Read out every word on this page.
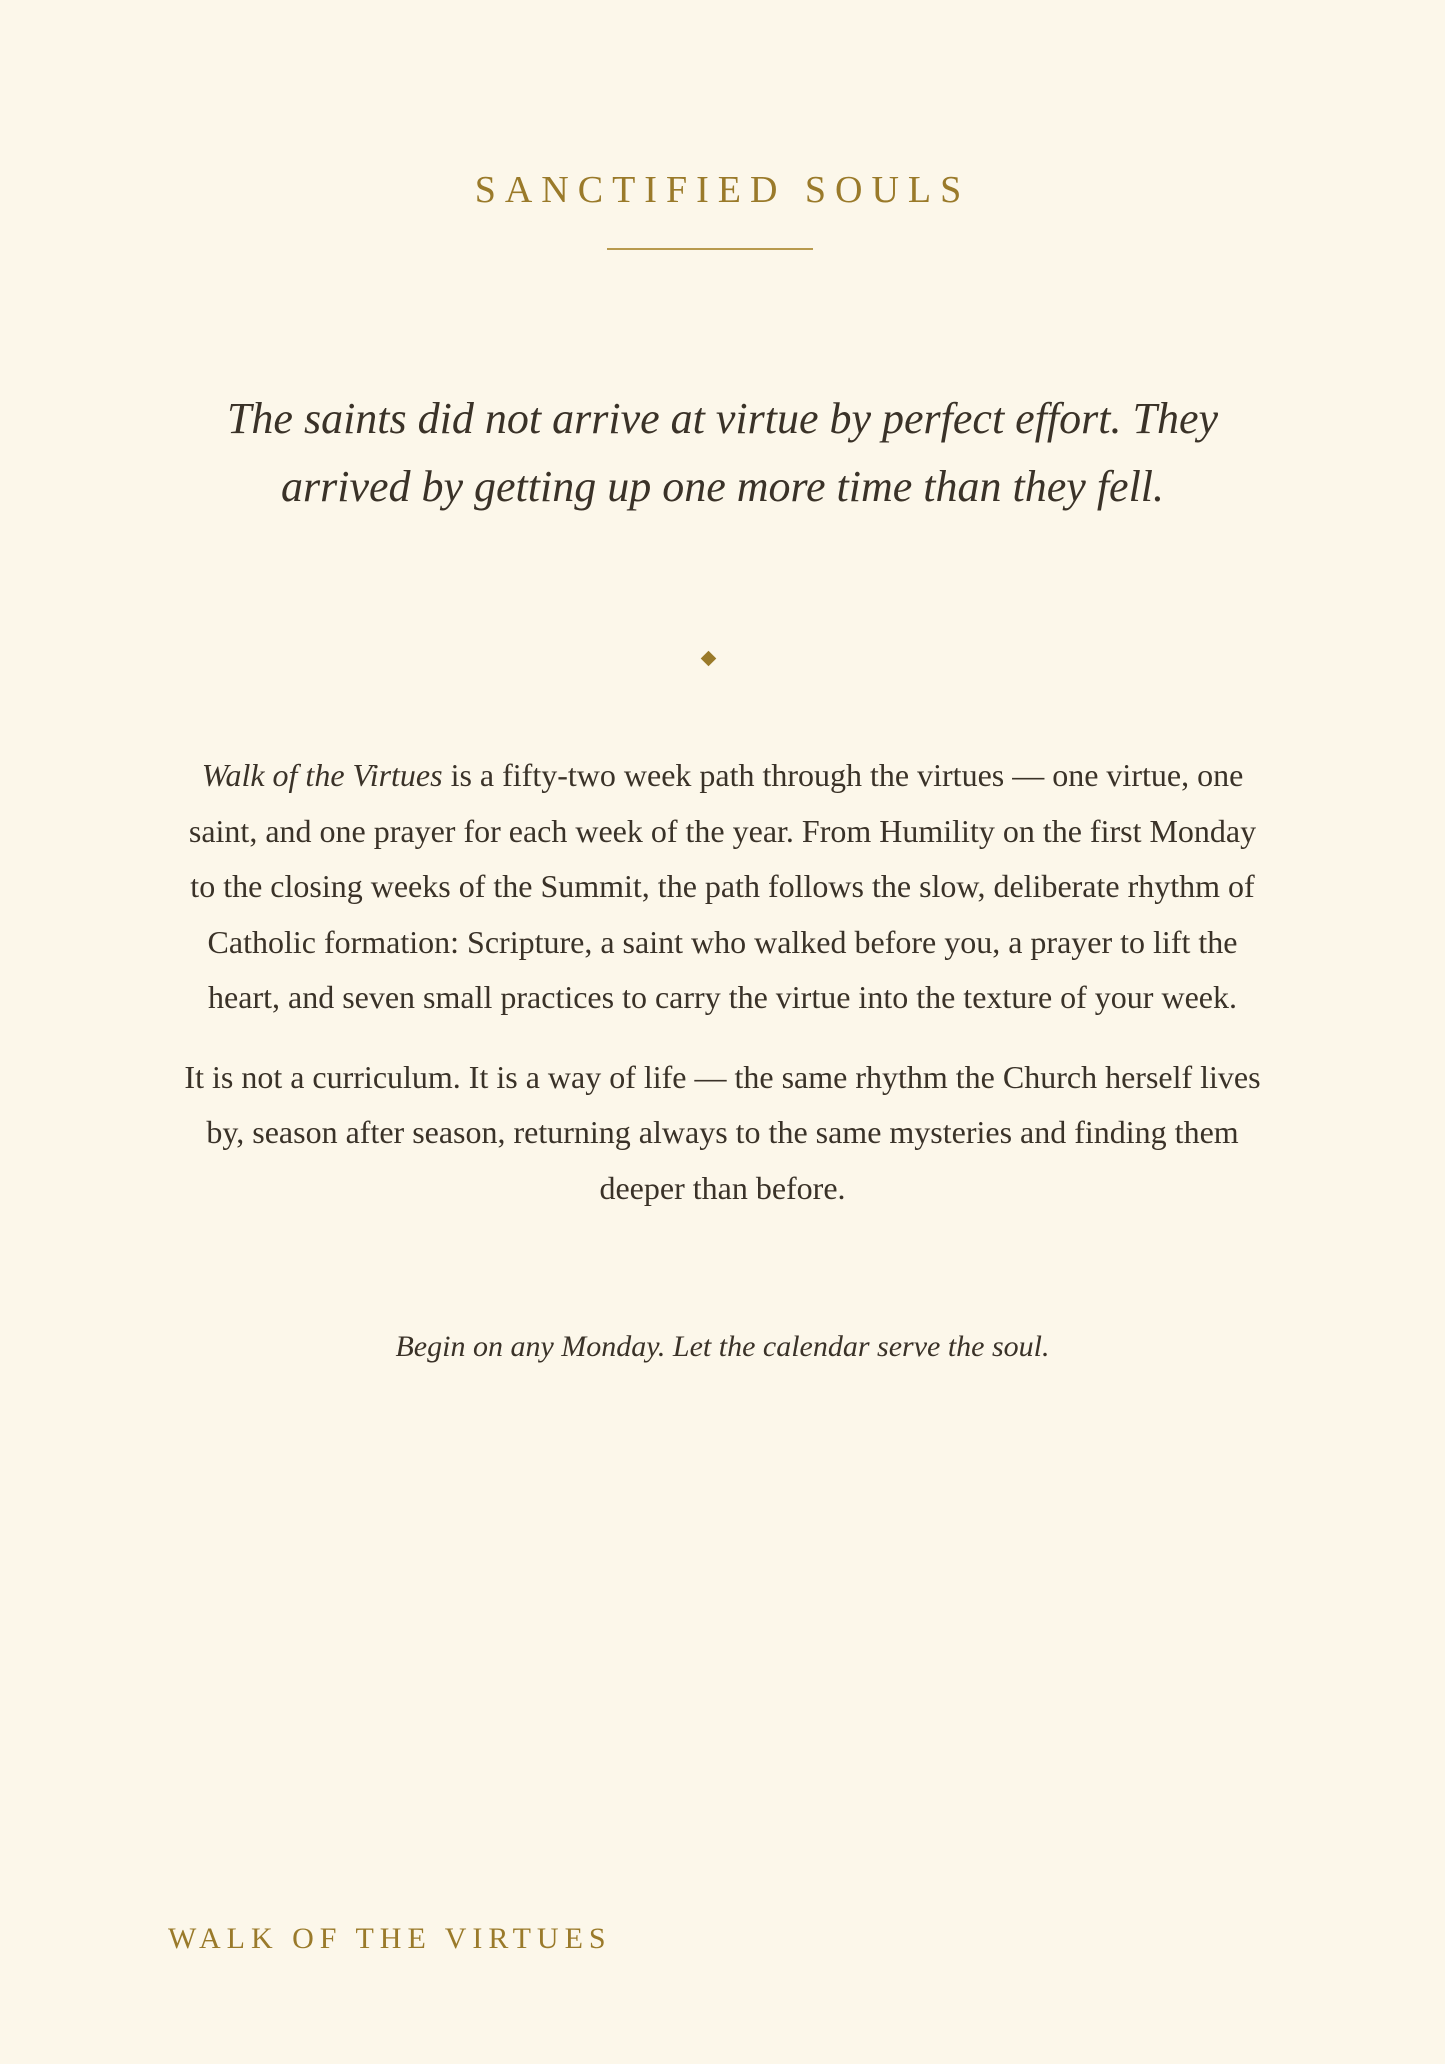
SANCTIFIED SOULS
The saints did not arrive at virtue by perfect effort. They
arrived by getting up one more time than they fell.

Walk of the Virtues is a fifty-two week path through the virtues — one virtue, one saint, and one prayer for each week of the year. From Humility on the first Monday to the closing weeks of the Summit, the path follows the slow, deliberate rhythm of Catholic formation: Scripture, a saint who walked before you, a prayer to lift the heart, and seven small practices to carry the virtue into the texture of your week.

It is not a curriculum. It is a way of life — the same rhythm the Church herself lives by, season after season, returning always to the same mysteries and finding them deeper than before.

Begin on any Monday. Let the calendar serve the soul.
WALK OF THE VIRTUES
